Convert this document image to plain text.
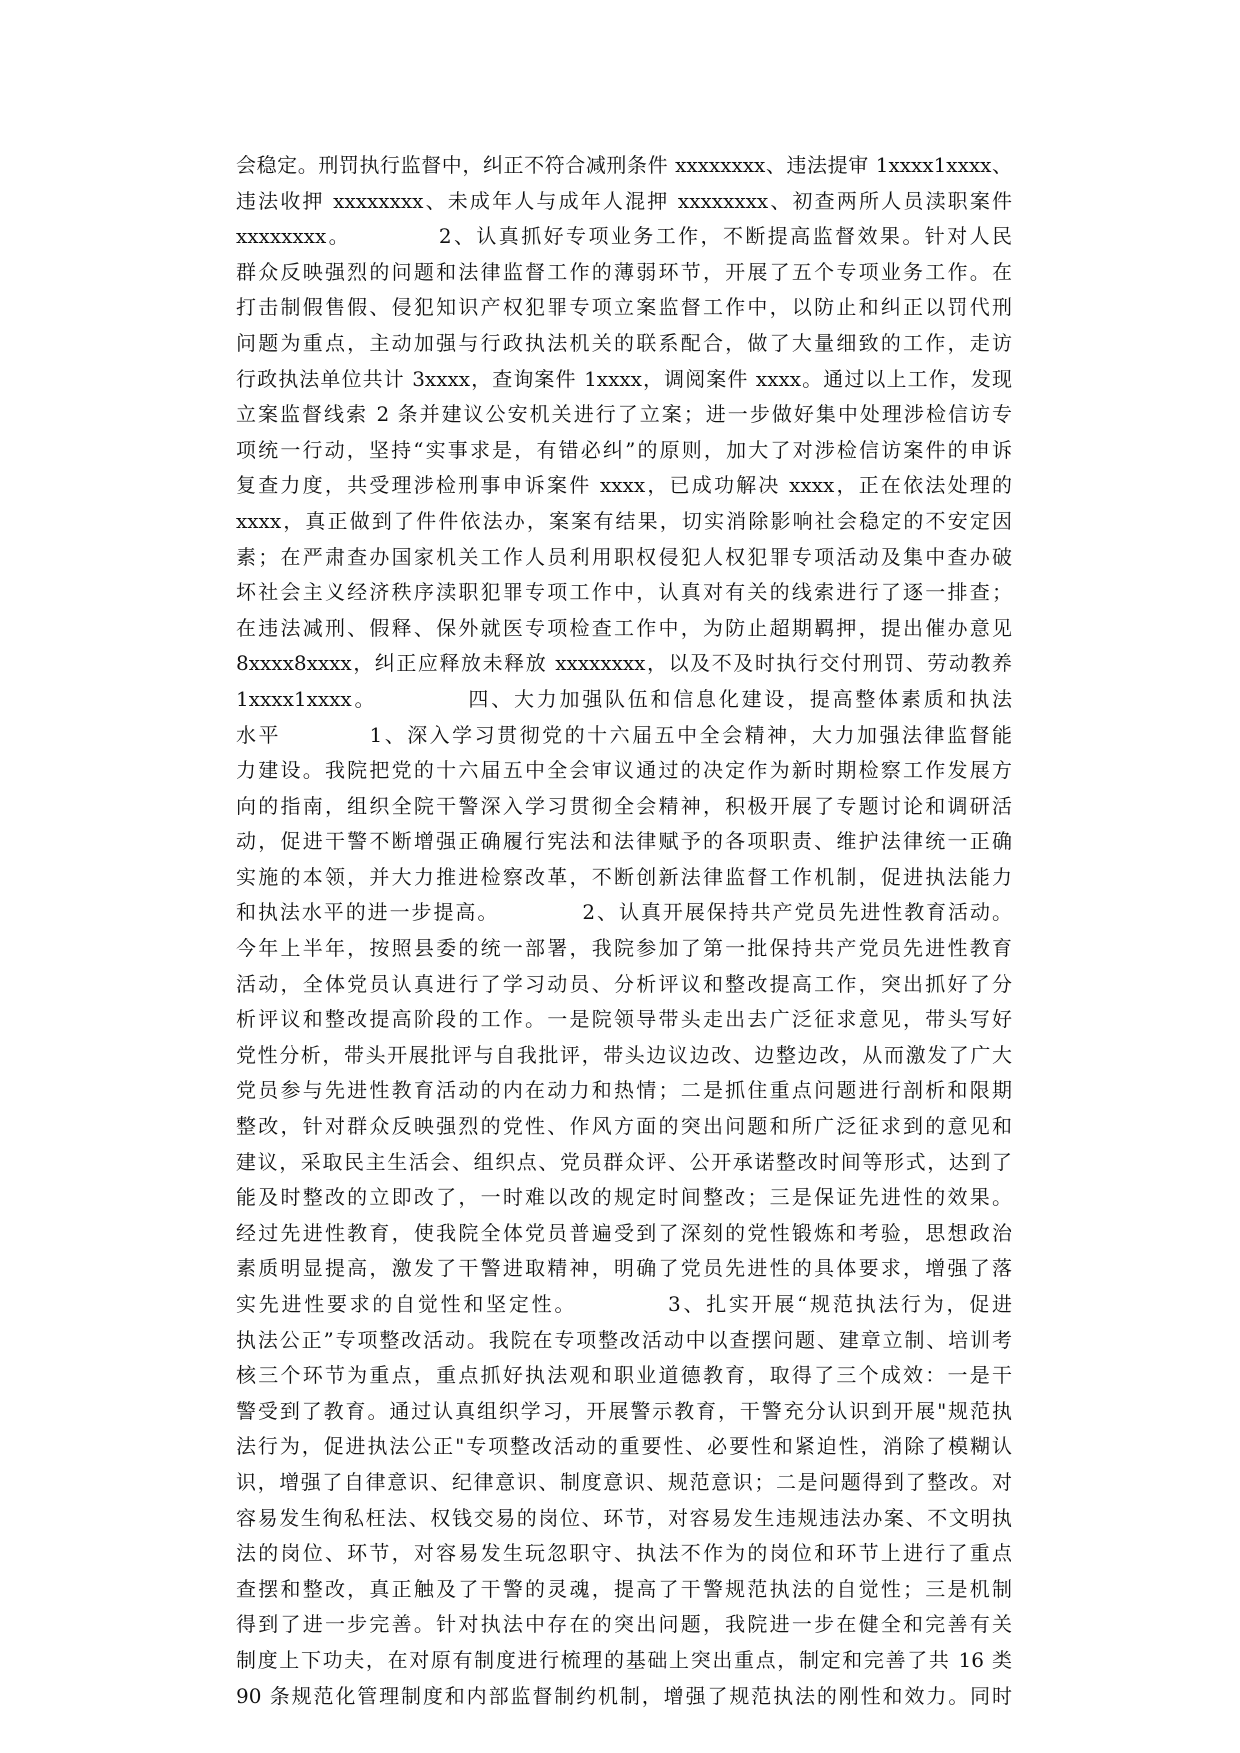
会稳定。刑罚执行监督中，纠正不符合减刑条件 xxxxxxxx、违法提审 1xxxx1xxxx、
违法收押 xxxxxxxx、未成年人与成年人混押 xxxxxxxx、初查两所人员渎职案件
xxxxxxxx。          2、认真抓好专项业务工作，不断提高监督效果。针对人民
群众反映强烈的问题和法律监督工作的薄弱环节，开展了五个专项业务工作。在
打击制假售假、侵犯知识产权犯罪专项立案监督工作中，以防止和纠正以罚代刑
问题为重点，主动加强与行政执法机关的联系配合，做了大量细致的工作，走访
行政执法单位共计 3xxxx，查询案件 1xxxx，调阅案件 xxxx。通过以上工作，发现
立案监督线索 2 条并建议公安机关进行了立案；进一步做好集中处理涉检信访专
项统一行动，坚持“实事求是，有错必纠”的原则，加大了对涉检信访案件的申诉
复查力度，共受理涉检刑事申诉案件 xxxx，已成功解决 xxxx，正在依法处理的
xxxx，真正做到了件件依法办，案案有结果，切实消除影响社会稳定的不安定因
素；在严肃查办国家机关工作人员利用职权侵犯人权犯罪专项活动及集中查办破
坏社会主义经济秩序渎职犯罪专项工作中，认真对有关的线索进行了逐一排查；
在违法减刑、假释、保外就医专项检查工作中，为防止超期羁押，提出催办意见
8xxxx8xxxx，纠正应释放未释放 xxxxxxxx，以及不及时执行交付刑罚、劳动教养
1xxxx1xxxx。          四、大力加强队伍和信息化建设，提高整体素质和执法
水平          1、深入学习贯彻党的十六届五中全会精神，大力加强法律监督能
力建设。我院把党的十六届五中全会审议通过的决定作为新时期检察工作发展方
向的指南，组织全院干警深入学习贯彻全会精神，积极开展了专题讨论和调研活
动，促进干警不断增强正确履行宪法和法律赋予的各项职责、维护法律统一正确
实施的本领，并大力推进检察改革，不断创新法律监督工作机制，促进执法能力
和执法水平的进一步提高。          2、认真开展保持共产党员先进性教育活动。
今年上半年，按照县委的统一部署，我院参加了第一批保持共产党员先进性教育
活动，全体党员认真进行了学习动员、分析评议和整改提高工作，突出抓好了分
析评议和整改提高阶段的工作。一是院领导带头走出去广泛征求意见，带头写好
党性分析，带头开展批评与自我批评，带头边议边改、边整边改，从而激发了广大
党员参与先进性教育活动的内在动力和热情；二是抓住重点问题进行剖析和限期
整改，针对群众反映强烈的党性、作风方面的突出问题和所广泛征求到的意见和
建议，采取民主生活会、组织点、党员群众评、公开承诺整改时间等形式，达到了
能及时整改的立即改了，一时难以改的规定时间整改；三是保证先进性的效果。
经过先进性教育，使我院全体党员普遍受到了深刻的党性锻炼和考验，思想政治
素质明显提高，激发了干警进取精神，明确了党员先进性的具体要求，增强了落
实先进性要求的自觉性和坚定性。          3、扎实开展“规范执法行为，促进
执法公正”专项整改活动。我院在专项整改活动中以查摆问题、建章立制、培训考
核三个环节为重点，重点抓好执法观和职业道德教育，取得了三个成效：一是干
警受到了教育。通过认真组织学习，开展警示教育，干警充分认识到开展"规范执
法行为，促进执法公正"专项整改活动的重要性、必要性和紧迫性，消除了模糊认
识，增强了自律意识、纪律意识、制度意识、规范意识；二是问题得到了整改。对
容易发生徇私枉法、权钱交易的岗位、环节，对容易发生违规违法办案、不文明执
法的岗位、环节，对容易发生玩忽职守、执法不作为的岗位和环节上进行了重点
查摆和整改，真正触及了干警的灵魂，提高了干警规范执法的自觉性；三是机制
得到了进一步完善。针对执法中存在的突出问题，我院进一步在健全和完善有关
制度上下功夫，在对原有制度进行梳理的基础上突出重点，制定和完善了共 16 类
90 条规范化管理制度和内部监督制约机制，增强了规范执法的刚性和效力。同时
